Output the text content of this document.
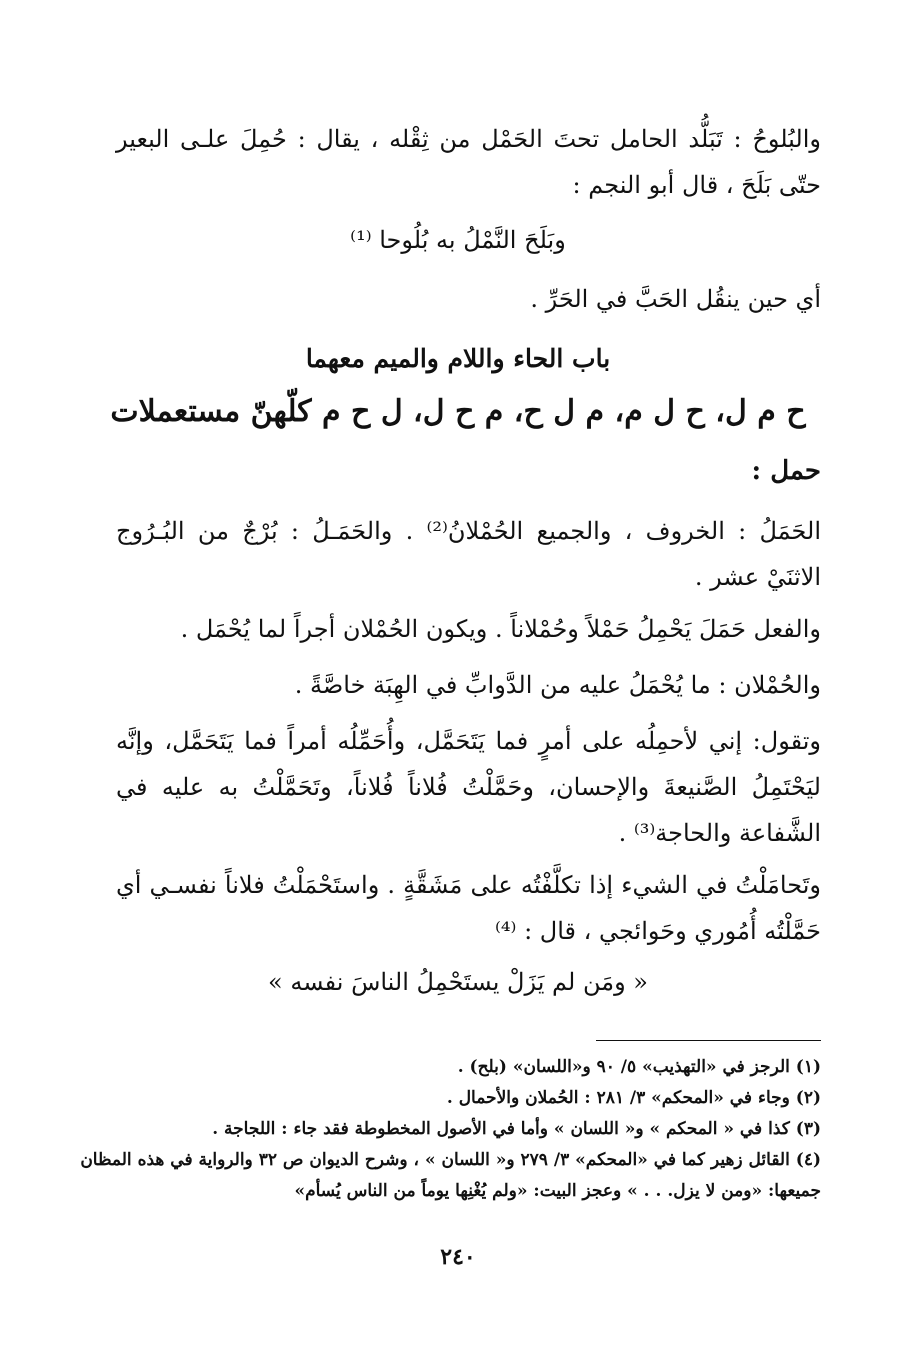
والبُلوحُ : تَبَلُّد الحامل تحتَ الحَمْل من ثِقْله ، يقال : حُمِلَ علـى البعير حتّى بَلَحَ ، قال أبو النجم :
وبَلَحَ النَّمْلُ به بُلُوحا ⁽¹⁾
أي حين ينقُل الحَبَّ في الحَرِّ .
باب الحاء واللام والميم معهما
ح م ل، ح ل م، م ل ح، م ح ل، ل ح م كلّهنّ مستعملات
حمل :
الحَمَلُ : الخروف ، والجميع الحُمْلانُ⁽²⁾ . والحَمَـلُ : بُرْجٌ من البُـرُوج الاثنَيْ عشر .
والفعل حَمَلَ يَحْمِلُ حَمْلاً وحُمْلاناً . ويكون الحُمْلان أجراً لما يُحْمَل .
والحُمْلان : ما يُحْمَلُ عليه من الدَّوابِّ في الهِبَة خاصَّةً .
وتقول: إني لأحمِلُه على أمرٍ فما يَتَحَمَّل، وأُحَمِّلُه أمراً فما يَتَحَمَّل، وإنَّه ليَحْتَمِلُ الصَّنيعةَ والإحسان، وحَمَّلْتُ فُلاناً فُلاناً، وتَحَمَّلْتُ به عليه في الشَّفاعة والحاجة⁽³⁾ .
وتَحامَلْتُ في الشيء إذا تكلَّفْتُه على مَشَقَّةٍ . واستَحْمَلْتُ فلاناً نفسـي أي حَمَّلْتُه أُمُوري وحَوائجي ، قال : ⁽⁴⁾
« ومَن لم يَزَلْ يستَحْمِلُ الناسَ نفسه »
(١) الرجز في «التهذيب» ٥/ ٩٠ و«اللسان» (بلح) .
(٢) وجاء في «المحكم» ٣/ ٢٨١ : الحُملان والأحمال .
(٣) كذا في « المحكم » و« اللسان » وأما في الأصول المخطوطة فقد جاء : اللجاجة .
(٤) القائل زهير كما في «المحكم» ٣/ ٢٧٩ و« اللسان » ، وشرح الديوان ص ٣٢ والرواية في هذه المظان
جميعها: «ومن لا يزل. . . » وعجز البيت: «ولم يُغْنِها يوماً من الناس يُسأم»
٢٤٠
